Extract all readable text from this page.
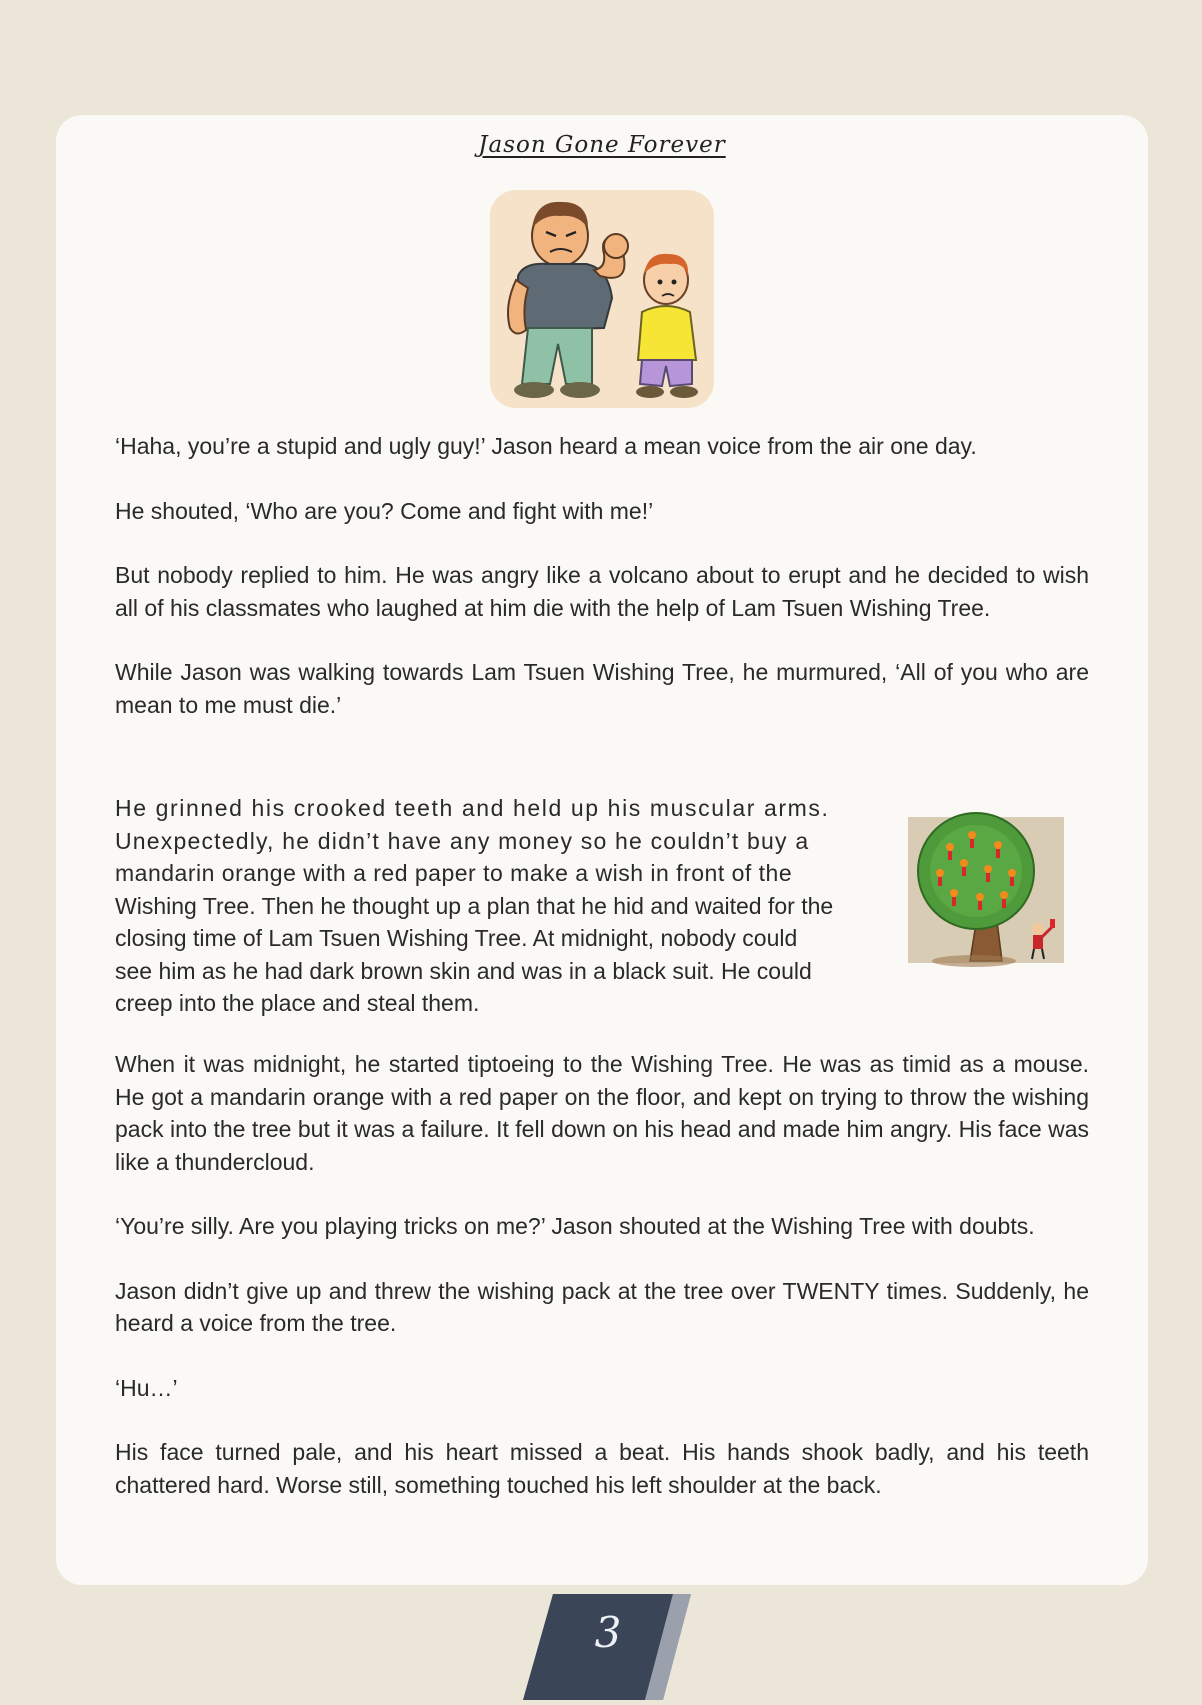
Jason Gone Forever

‘Haha, you’re a stupid and ugly guy!’ Jason heard a mean voice from the air one day.

He shouted, ‘Who are you? Come and fight with me!’

But nobody replied to him. He was angry like a volcano about to erupt and he decided to wish all of his classmates who laughed at him die with the help of Lam Tsuen Wishing Tree.

While Jason was walking towards Lam Tsuen Wishing Tree, he murmured, ‘All of you who are mean to me must die.’

He grinned his crooked teeth and held up his muscular arms.
Unexpectedly, he didn’t have any money so he couldn’t buy a
mandarin orange with a red paper to make a wish in front of the
Wishing Tree. Then he thought up a plan that he hid and waited for the
closing time of Lam Tsuen Wishing Tree. At midnight, nobody could
see him as he had dark brown skin and was in a black suit. He could
creep into the place and steal them.

When it was midnight, he started tiptoeing to the Wishing Tree. He was as timid as a mouse. He got a mandarin orange with a red paper on the floor, and kept on trying to throw the wishing pack into the tree but it was a failure. It fell down on his head and made him angry. His face was like a thundercloud.

‘You’re silly. Are you playing tricks on me?’ Jason shouted at the Wishing Tree with doubts.

Jason didn’t give up and threw the wishing pack at the tree over TWENTY times. Suddenly, he heard a voice from the tree.

‘Hu…’

His face turned pale, and his heart missed a beat. His hands shook badly, and his teeth chattered hard. Worse still, something touched his left shoulder at the back.

3
